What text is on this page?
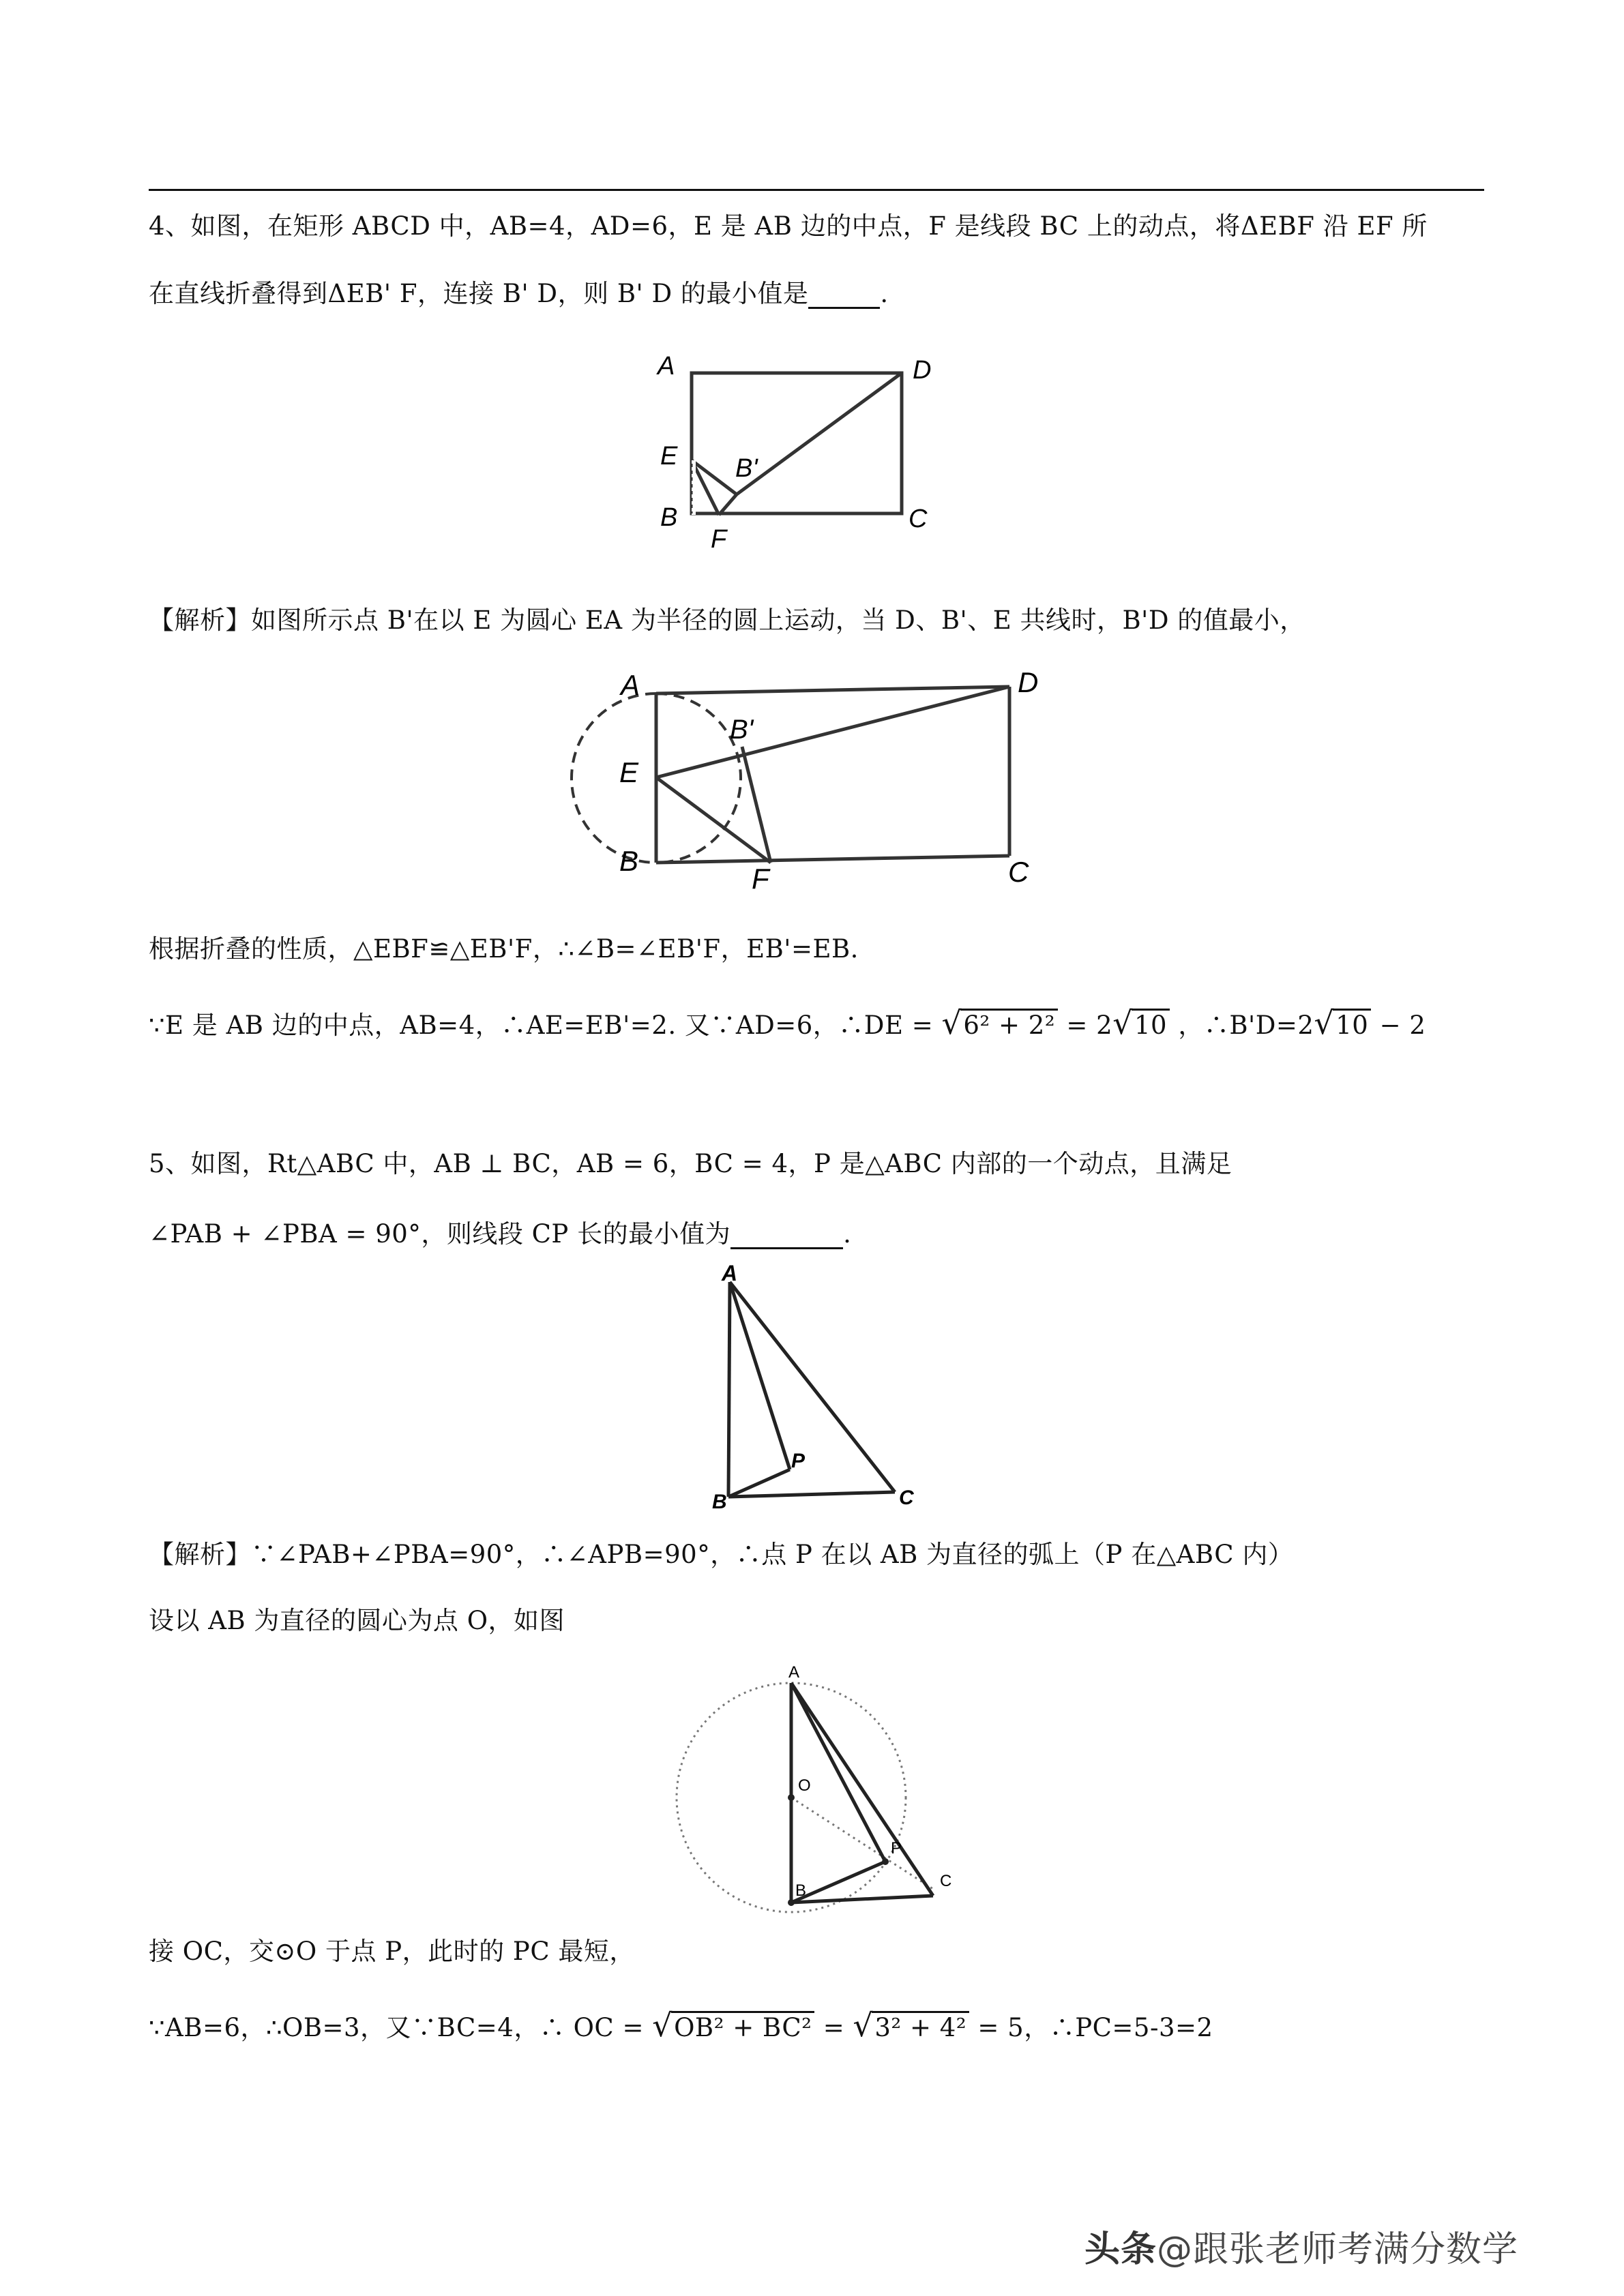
4、如图，在矩形 ABCD 中，AB=4，AD=6，E 是 AB 边的中点，F 是线段 BC 上的动点，将ΔEBF 沿 EF 所
在直线折叠得到ΔEB' F，连接 B' D，则 B' D 的最小值是	.
A	D
E B'
B
F
C
【解析】如图所示点 B'在以 E 为圆心 EA 为半径的圆上运动，当 D、B'、E 共线时，B'D 的值最小，
A	D
B'
E
B
F	C
根据折叠的性质，△EBF≌△EB'F，∴∠B=∠EB'F，EB'=EB.
∵E 是 AB 边的中点，AB=4，∴AE=EB'=2. 又∵AD=6，∴DE = √6² + 2² = 2√10 ，∴B'D=2√10 − 2
5、如图，Rt△ABC 中，AB ⊥ BC，AB = 6，BC = 4，P 是△ABC 内部的一个动点，且满足
∠PAB + ∠PBA = 90°，则线段 CP 长的最小值为	.
A
P
B	C
【解析】∵∠PAB+∠PBA=90°，∴∠APB=90°，∴点 P 在以 AB 为直径的弧上（P 在△ABC 内）
设以 AB 为直径的圆心为点 O，如图
A
O
P
B
C
接 OC，交⊙O 于点 P，此时的 PC 最短，
∵AB=6，∴OB=3，又∵BC=4，∴ OC = √OB² + BC² = √3² + 4² = 5，∴PC=5-3=2
头条@跟张老师考满分数学
